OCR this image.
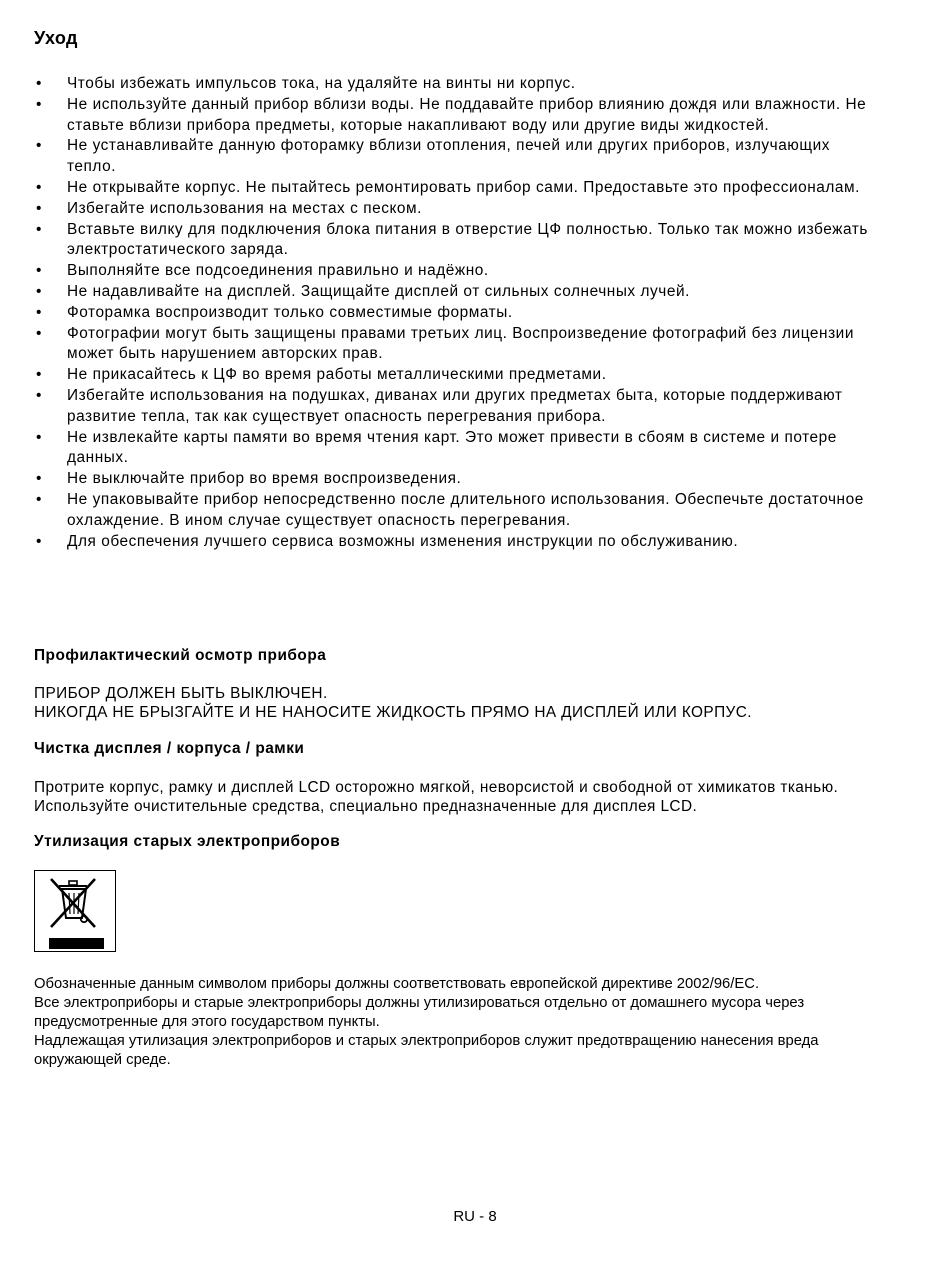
Уход
• Чтобы избежать импульсов тока, на удаляйте на винты ни корпус.
• Не используйте данный прибор вблизи воды. Не поддавайте прибор влиянию дождя или влажности. Не ставьте вблизи прибора предметы, которые накапливают воду или другие виды жидкостей.
• Не устанавливайте данную фоторамку вблизи отопления, печей или других приборов, излучающих тепло.
• Не открывайте корпус. Не пытайтесь ремонтировать прибор сами. Предоставьте это профессионалам.
• Избегайте использования на местах с песком.
• Вставьте вилку для подключения блока питания в отверстие ЦФ полностью. Только так можно избежать электростатического заряда.
• Выполняйте все подсоединения правильно и надёжно.
• Не надавливайте на дисплей. Защищайте дисплей от сильных солнечных лучей.
• Фоторамка воспроизводит только совместимые форматы.
• Фотографии могут быть защищены правами третьих лиц. Воспроизведение фотографий без лицензии может быть нарушением авторских прав.
• Не прикасайтесь к ЦФ во время работы металлическими предметами.
• Избегайте использования на подушках, диванах или других предметах быта, которые поддерживают развитие тепла, так как существует опасность перегревания прибора.
• Не извлекайте карты памяти во время чтения карт. Это может привести в сбоям в системе и потере данных.
• Не выключайте прибор во время воспроизведения.
• Не упаковывайте прибор непосредственно после длительного использования. Обеспечьте достаточное охлаждение. В ином случае существует опасность перегревания.
• Для обеспечения лучшего сервиса возможны изменения инструкции по обслуживанию.
Профилактический осмотр прибора
ПРИБОР ДОЛЖЕН БЫТЬ ВЫКЛЮЧЕН.
НИКОГДА НЕ БРЫЗГАЙТЕ И НЕ НАНОСИТЕ ЖИДКОСТЬ ПРЯМО НА ДИСПЛЕЙ ИЛИ КОРПУС.
Чистка дисплея / корпуса / рамки
Протрите корпус, рамку и дисплей LCD осторожно мягкой, неворсистой и свободной от химикатов тканью. Используйте очистительные средства, специально предназначенные для дисплея LCD.
Утилизация старых электроприборов
Обозначенные данным символом приборы должны соответствовать европейской директиве 2002/96/EC.
Все электроприборы и старые электроприборы должны утилизироваться отдельно от домашнего мусора через предусмотренные для этого государством пункты.
Надлежащая утилизация электроприборов и старых электроприборов служит предотвращению нанесения вреда окружающей среде.
RU - 8
